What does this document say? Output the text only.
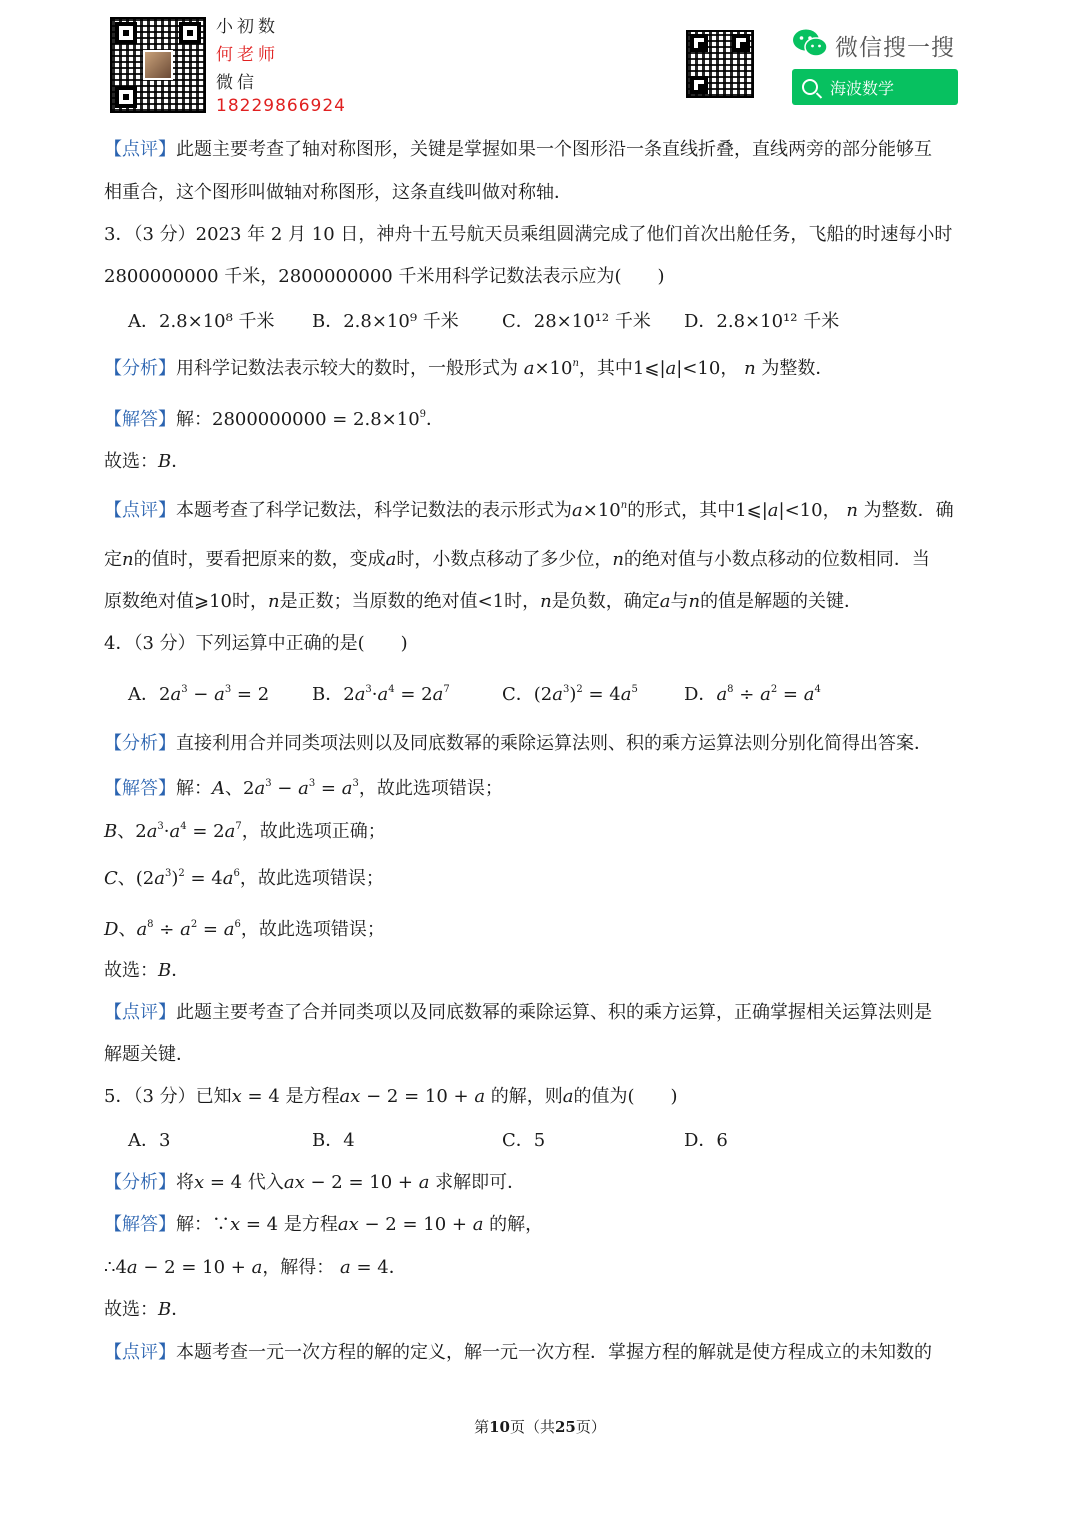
小初数
何老师
微信
18229866924
微信搜一搜
海波数学
【点评】此题主要考查了轴对称图形，关键是掌握如果一个图形沿一条直线折叠，直线两旁的部分能够互
相重合，这个图形叫做轴对称图形，这条直线叫做对称轴．
3．（3 分）2023 年 2 月 10 日，神舟十五号航天员乘组圆满完成了他们首次出舱任务，飞船的时速每小时
2800000000 千米，2800000000 千米用科学记数法表示应为(　　)
A．2.8×10⁸ 千米 B．2.8×10⁹ 千米 C．28×10¹² 千米 D．2.8×10¹² 千米
【分析】用科学记数法表示较大的数时，一般形式为 $a\times 10^n$，其中1⩽|a|<10， n 为整数．
【解答】解：$2800000000 = 2.8\times 10^9$．
故选：B．
【点评】本题考查了科学记数法，科学记数法的表示形式为$a\times 10^n$的形式，其中1⩽|a|<10， n 为整数．确
定n的值时，要看把原来的数，变成a时，小数点移动了多少位，n的绝对值与小数点移动的位数相同．当
原数绝对值⩾10时，n是正数；当原数的绝对值<1时，n是负数，确定a与n的值是解题的关键．
4．（3 分）下列运算中正确的是(　　)
A．$2a^3 - a^3 = 2$ B．$2a^3\cdot a^4 = 2a^7$	C．$(2a^3)^2 = 4a^5$	D．$a^8 \div a^2 = a^4$
【分析】直接利用合并同类项法则以及同底数幂的乘除运算法则、积的乘方运算法则分别化简得出答案．
【解答】解：A、$2a^3 - a^3 = a^3$，故此选项错误；
B、$2a^3\cdot a^4 = 2a^7$，故此选项正确；
C、$(2a^3)^2 = 4a^6$，故此选项错误；
D、$a^8 \div a^2 = a^6$，故此选项错误；
故选：B．
【点评】此题主要考查了合并同类项以及同底数幂的乘除运算、积的乘方运算，正确掌握相关运算法则是
解题关键．
5．（3 分）已知x = 4 是方程ax − 2 = 10 + a 的解，则a的值为(　　)
A．3	B．4	C．5	D．6
【分析】将x = 4 代入ax − 2 = 10 + a 求解即可．
【解答】解：∵x = 4 是方程ax − 2 = 10 + a 的解，
∴4a − 2 = 10 + a，解得： a = 4．
故选：B．
【点评】本题考查一元一次方程的解的定义，解一元一次方程．掌握方程的解就是使方程成立的未知数的
第10页（共25页）
